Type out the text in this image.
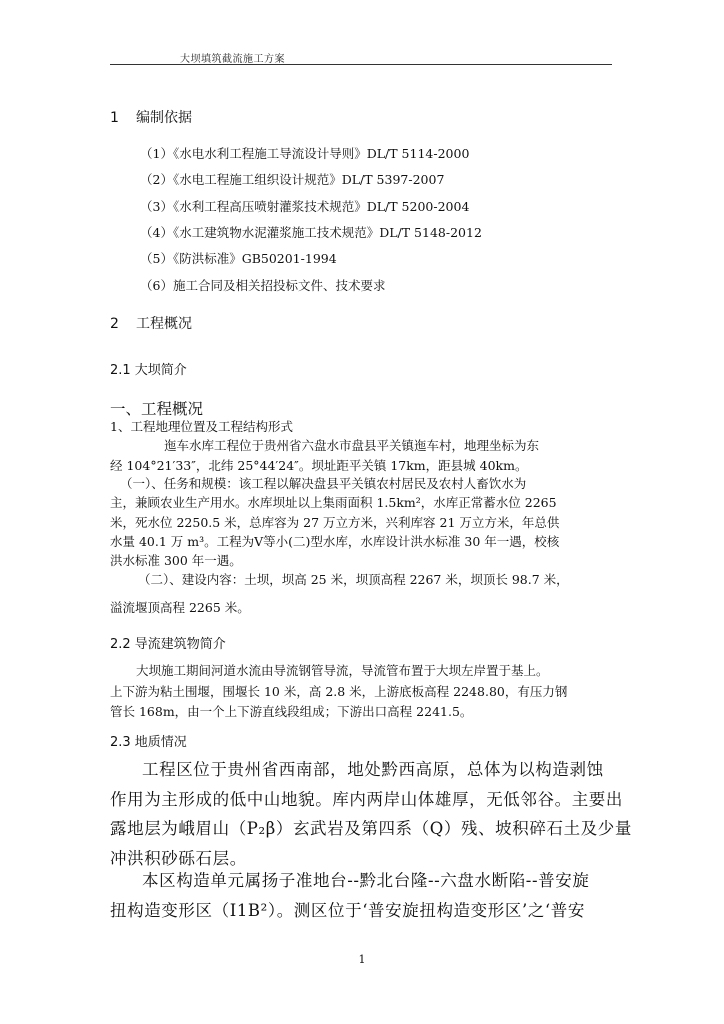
大坝填筑截流施工方案
1 编制依据
（1）《水电水利工程施工导流设计导则》DL/T 5114-2000
（2）《水电工程施工组织设计规范》DL/T 5397-2007
（3）《水利工程高压喷射灌浆技术规范》DL/T 5200-2004
（4）《水工建筑物水泥灌浆施工技术规范》DL/T 5148-2012
（5）《防洪标准》GB50201-1994
（6）施工合同及相关招投标文件、技术要求
2 工程概况
2.1 大坝简介
一、工程概况
1、工程地理位置及工程结构形式
迤车水库工程位于贵州省六盘水市盘县平关镇迤车村，地理坐标为东
经 104°21′33″，北纬 25°44′24″。坝址距平关镇 17km，距县城 40km。
（一）、任务和规模：该工程以解决盘县平关镇农村居民及农村人畜饮水为
主，兼顾农业生产用水。水库坝址以上集雨面积 1.5km²，水库正常蓄水位 2265
米，死水位 2250.5 米，总库容为 27 万立方米，兴利库容 21 万立方米，年总供
水量 40.1 万 m³。工程为Ⅴ等小(二)型水库，水库设计洪水标准 30 年一遇，校核
洪水标准 300 年一遇。
（二）、建设内容：土坝，坝高 25 米，坝顶高程 2267 米，坝顶长 98.7 米，
溢流堰顶高程 2265 米。
2.2 导流建筑物简介
大坝施工期间河道水流由导流钢管导流，导流管布置于大坝左岸置于基上。
上下游为粘土围堰，围堰长 10 米，高 2.8 米，上游底板高程 2248.80，有压力钢
管长 168m，由一个上下游直线段组成；下游出口高程 2241.5。
2.3 地质情况
工程区位于贵州省西南部，地处黔西高原，总体为以构造剥蚀
作用为主形成的低中山地貌。库内两岸山体雄厚，无低邻谷。主要出
露地层为峨眉山（P₂β）玄武岩及第四系（Q）残、坡积碎石土及少量
冲洪积砂砾石层。
本区构造单元属扬子准地台--黔北台隆--六盘水断陷--普安旋
扭构造变形区（Ⅰ1B²）。测区位于‘普安旋扭构造变形区’之‘普安
1
